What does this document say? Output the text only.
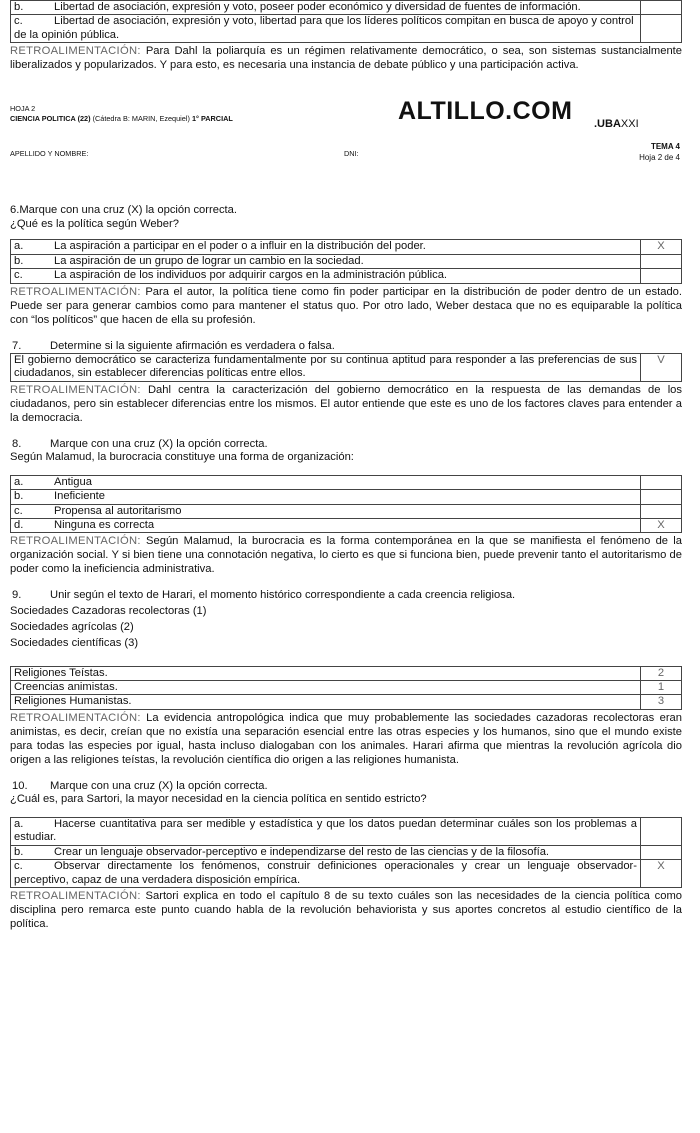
b. Libertad de asociación, expresión y voto, poseer poder económico y diversidad de fuentes de información.	
c. Libertad de asociación, expresión y voto, libertad para que los líderes políticos compitan en busca de apoyo y control de la opinión pública.	
RETROALIMENTACIÓN: Para Dahl la poliarquía es un régimen relativamente democrático, o sea, son sistemas sustancialmente liberalizados y popularizados. Y para esto, es necesaria una instancia de debate público y una participación activa.
HOJA 2
CIENCIA POLITICA (22) (Cátedra B: MARIN, Ezequiel) 1° PARCIAL	ALTILLO.COM .UBAXXI
APELLIDO Y NOMBRE:	DNI:
TEMA 4
Hoja 2 de 4
6.Marque con una cruz (X) la opción correcta.
¿Qué es la política según Weber?
a. La aspiración a participar en el poder o a influir en la distribución del poder.	X
b. La aspiración de un grupo de lograr un cambio en la sociedad.	
c. La aspiración de los individuos por adquirir cargos en la administración pública.	
RETROALIMENTACIÓN: Para el autor, la política tiene como fin poder participar en la distribución de poder dentro de un estado. Puede ser para generar cambios como para mantener el status quo. Por otro lado, Weber destaca que no es equiparable la política con “los políticos” que hacen de ella su profesión.
7.	Determine si la siguiente afirmación es verdadera o falsa.
El gobierno democrático se caracteriza fundamentalmente por su continua aptitud para responder a las preferencias de sus ciudadanos, sin establecer diferencias políticas entre ellos.	V
RETROALIMENTACIÓN: Dahl centra la caracterización del gobierno democrático en la respuesta de las demandas de los ciudadanos, pero sin establecer diferencias entre los mismos. El autor entiende que este es uno de los factores claves para entender a la democracia.
8.	Marque con una cruz (X) la opción correcta.
Según Malamud, la burocracia constituye una forma de organización:
a. Antigua	
b. Ineficiente	
c. Propensa al autoritarismo	
d. Ninguna es correcta	X
RETROALIMENTACIÓN: Según Malamud, la burocracia es la forma contemporánea en la que se manifiesta el fenómeno de la organización social. Y si bien tiene una connotación negativa, lo cierto es que si funciona bien, puede prevenir tanto el autoritarismo de poder como la ineficiencia administrativa.
9.	Unir según el texto de Harari, el momento histórico correspondiente a cada creencia religiosa.
Sociedades Cazadoras recolectoras (1)
Sociedades agrícolas (2)
Sociedades científicas (3)
Religiones Teístas.	2
Creencias animistas.	1
Religiones Humanistas.	3
RETROALIMENTACIÓN: La evidencia antropológica indica que muy probablemente las sociedades cazadoras recolectoras eran animistas, es decir, creían que no existía una separación esencial entre las otras especies y los humanos, sino que el mundo existe para todas las especies por igual, hasta incluso dialogaban con los animales. Harari afirma que mientras la revolución agrícola dio origen a las religiones teístas, la revolución científica dio origen a las religiones humanista.
10. Marque con una cruz (X) la opción correcta.
¿Cuál es, para Sartori, la mayor necesidad en la ciencia política en sentido estricto?
a. Hacerse cuantitativa para ser medible y estadística y que los datos puedan determinar cuáles son los problemas a estudiar.	
b. Crear un lenguaje observador-perceptivo e independizarse del resto de las ciencias y de la filosofía.	
c. Observar directamente los fenómenos, construir definiciones operacionales y crear un lenguaje observador-perceptivo, capaz de una verdadera disposición empírica.	X
RETROALIMENTACIÓN: Sartori explica en todo el capítulo 8 de su texto cuáles son las necesidades de la ciencia política como disciplina pero remarca este punto cuando habla de la revolución behaviorista y sus aportes concretos al estudio científico de la política.
